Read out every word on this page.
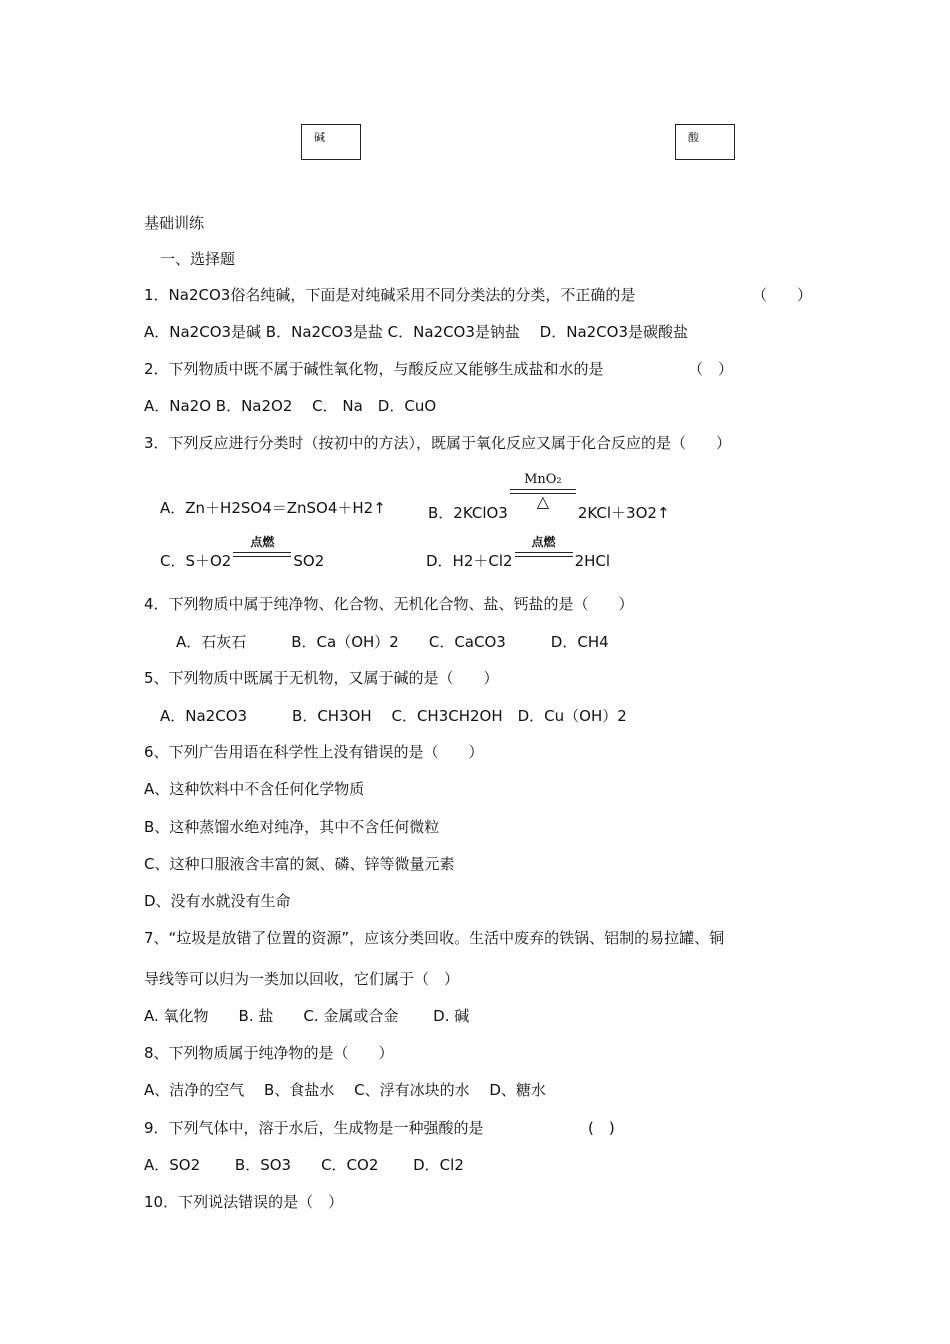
碱	酸
基础训练
一、选择题
1．Na2CO3俗名纯碱，下面是对纯碱采用不同分类法的分类，不正确的是	（　　）
A．Na2CO3是碱 B．Na2CO3是盐 C．Na2CO3是钠盐　 D．Na2CO3是碳酸盐
2．下列物质中既不属于碱性氧化物，与酸反应又能够生成盐和水的是	（　）
A．Na2O B．Na2O2　 C． Na　D．CuO
3．下列反应进行分类时（按初中的方法），既属于氧化反应又属于化合反应的是（　　）
A．Zn＋H2SO4＝ZnSO4＋H2↑	B．2KClO3
MnO₂
△
2KCl＋3O2↑
C．S＋O2
点燃
SO2	D．H2＋Cl2
点燃
2HCl
4．下列物质中属于纯净物、化合物、无机化合物、盐、钙盐的是（　　）
A．石灰石　　　B．Ca（OH）2　　C．CaCO3　　　D．CH4
5、下列物质中既属于无机物，又属于碱的是（　　）
A．Na2CO3　　　B．CH3OH　 C．CH3CH2OH　D．Cu（OH）2
6、下列广告用语在科学性上没有错误的是（　　）
A、这种饮料中不含任何化学物质
B、这种蒸馏水绝对纯净，其中不含任何微粒
C、这种口服液含丰富的氮、磷、锌等微量元素
D、没有水就没有生命
7、“垃圾是放错了位置的资源”，应该分类回收。生活中废弃的铁锅、铝制的易拉罐、铜
导线等可以归为一类加以回收，它们属于（　）
A. 氧化物　　B. 盐　　C. 金属或合金　　 D. 碱
8、下列物质属于纯净物的是（　　）
A、洁净的空气　 B、食盐水　 C、浮有冰块的水　 D、糖水
9．下列气体中，溶于水后，生成物是一种强酸的是	(　)
A．SO2　　 B．SO3　　C．CO2　　 D．Cl2
10．下列说法错误的是（　）
